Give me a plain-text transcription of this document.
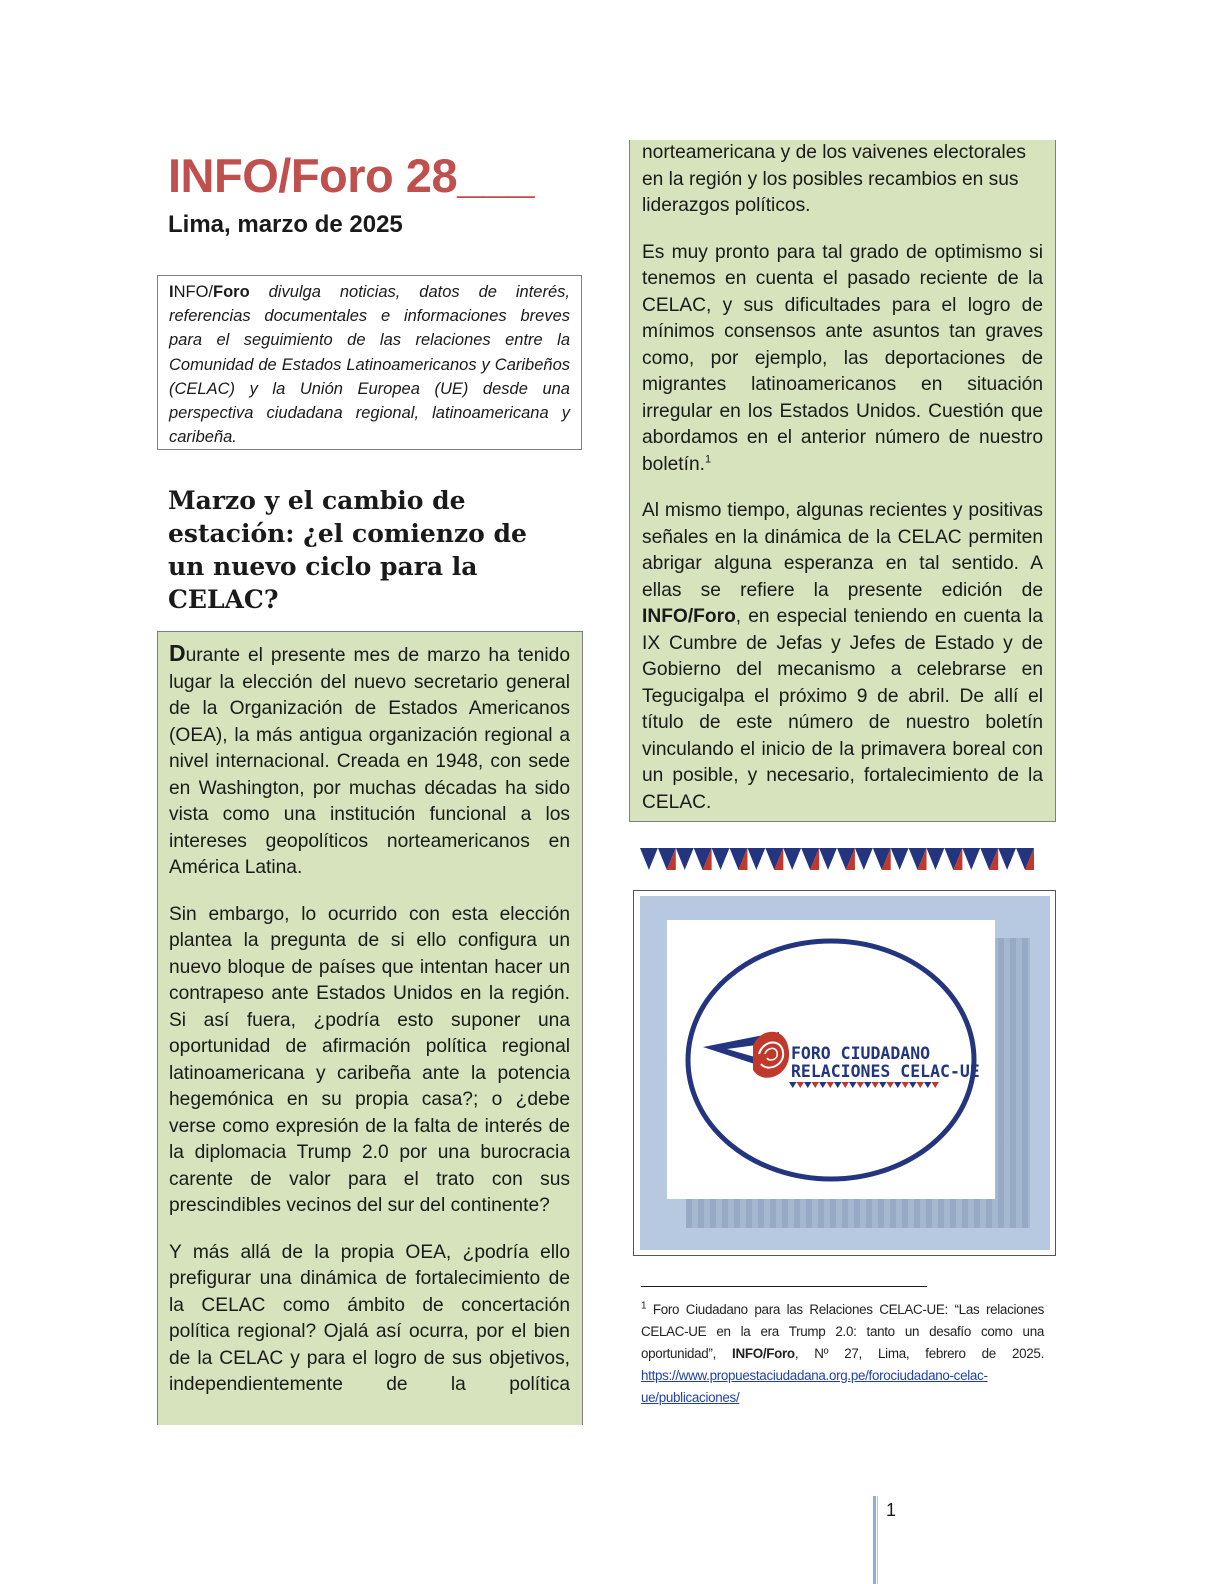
INFO/Foro 28___
Lima, marzo de 2025
INFO/Foro divulga noticias, datos de interés, referencias documentales e informaciones breves para el seguimiento de las relaciones entre la Comunidad de Estados Latinoamericanos y Caribeños (CELAC) y la Unión Europea (UE) desde una perspectiva ciudadana regional, latinoamericana y caribeña.
Marzo y el cambio de estación: ¿el comienzo de un nuevo ciclo para la CELAC?

Durante el presente mes de marzo ha tenido lugar la elección del nuevo secretario general de la Organización de Estados Americanos (OEA), la más antigua organización regional a nivel internacional. Creada en 1948, con sede en Washington, por muchas décadas ha sido vista como una institución funcional a los intereses geopolíticos norteamericanos en América Latina.

Sin embargo, lo ocurrido con esta elección plantea la pregunta de si ello configura un nuevo bloque de países que intentan hacer un contrapeso ante Estados Unidos en la región. Si así fuera, ¿podría esto suponer una oportunidad de afirmación política regional latinoamericana y caribeña ante la potencia hegemónica en su propia casa?; o ¿debe verse como expresión de la falta de interés de la diplomacia Trump 2.0 por una burocracia carente de valor para el trato con sus prescindibles vecinos del sur del continente?

Y más allá de la propia OEA, ¿podría ello prefigurar una dinámica de fortalecimiento de la CELAC como ámbito de concertación política regional? Ojalá así ocurra, por el bien de la CELAC y para el logro de sus objetivos, independientemente de la política

norteamericana y de los vaivenes electorales en la región y los posibles recambios en sus liderazgos políticos.

Es muy pronto para tal grado de optimismo si tenemos en cuenta el pasado reciente de la CELAC, y sus dificultades para el logro de mínimos consensos ante asuntos tan graves como, por ejemplo, las deportaciones de migrantes latinoamericanos en situación irregular en los Estados Unidos. Cuestión que abordamos en el anterior número de nuestro boletín.$^1$

Al mismo tiempo, algunas recientes y positivas señales en la dinámica de la CELAC permiten abrigar alguna esperanza en tal sentido. A ellas se refiere la presente edición de INFO/Foro, en especial teniendo en cuenta la IX Cumbre de Jefas y Jefes de Estado y de Gobierno del mecanismo a celebrarse en Tegucigalpa el próximo 9 de abril. De allí el título de este número de nuestro boletín vinculando el inicio de la primavera boreal con un posible, y necesario, fortalecimiento de la CELAC.

FORO CIUDADANO
RELACIONES CELAC-UE
$^1$ Foro Ciudadano para las Relaciones CELAC-UE: “Las relaciones CELAC-UE en la era Trump 2.0: tanto un desafío como una oportunidad”, INFO/Foro, Nº 27, Lima, febrero de 2025. https://www.propuestaciudadana.org.pe/forociudadano-celac-ue/publicaciones/
1
